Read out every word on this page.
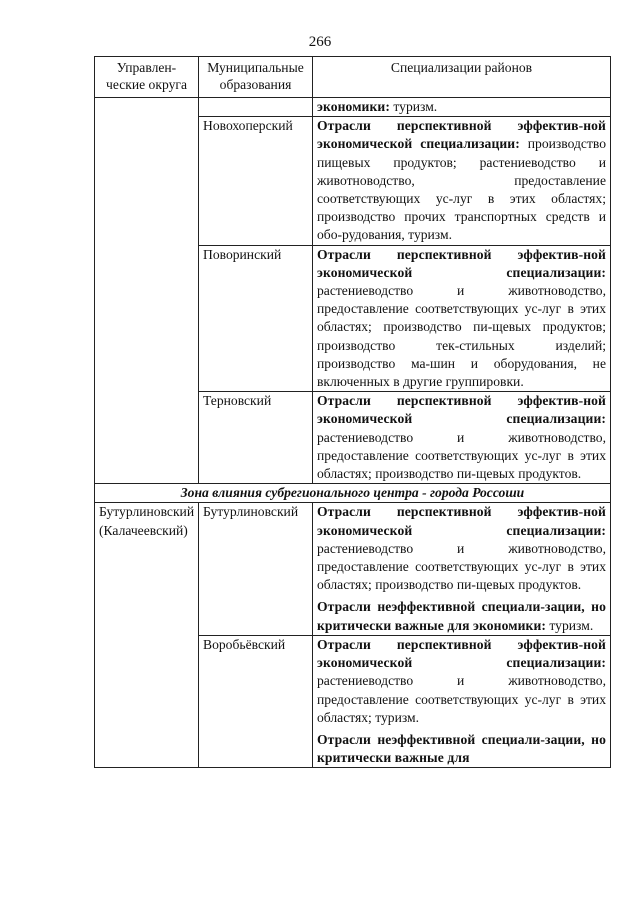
266
Управлен-
ческие округа	Муниципальные
образования	Специализации районов

		экономики: туризм.

	Новохоперский	Отрасли перспективной эффектив-ной экономической специализации: производство пищевых продуктов; растениеводство и животноводство, предоставление соответствующих ус-луг в этих областях; производство прочих транспортных средств и обо-рудования, туризм.

	Поворинский	Отрасли перспективной эффектив-ной экономической специализации: растениеводство и животноводство, предоставление соответствующих ус-луг в этих областях; производство пи-щевых продуктов; производство тек-стильных изделий; производство ма-шин и оборудования, не включенных в другие группировки.

	Терновский	Отрасли перспективной эффектив-ной экономической специализации: растениеводство и животноводство, предоставление соответствующих ус-луг в этих областях; производство пи-щевых продуктов.

Зона влияния субрегионального центра - города Россоши		
Бутурлиновский (Калачеевский)	Бутурлиновский	Отрасли перспективной эффектив-ной экономической специализации: растениеводство и животноводство, предоставление соответствующих ус-луг в этих областях; производство пи-щевых продуктов.

Отрасли неэффективной специали-зации, но критически важные для экономики: туризм.

	Воробьёвский	Отрасли перспективной эффектив-ной экономической специализации: растениеводство и животноводство, предоставление соответствующих ус-луг в этих областях; туризм.

Отрасли неэффективной специали-зации, но критически важные для
